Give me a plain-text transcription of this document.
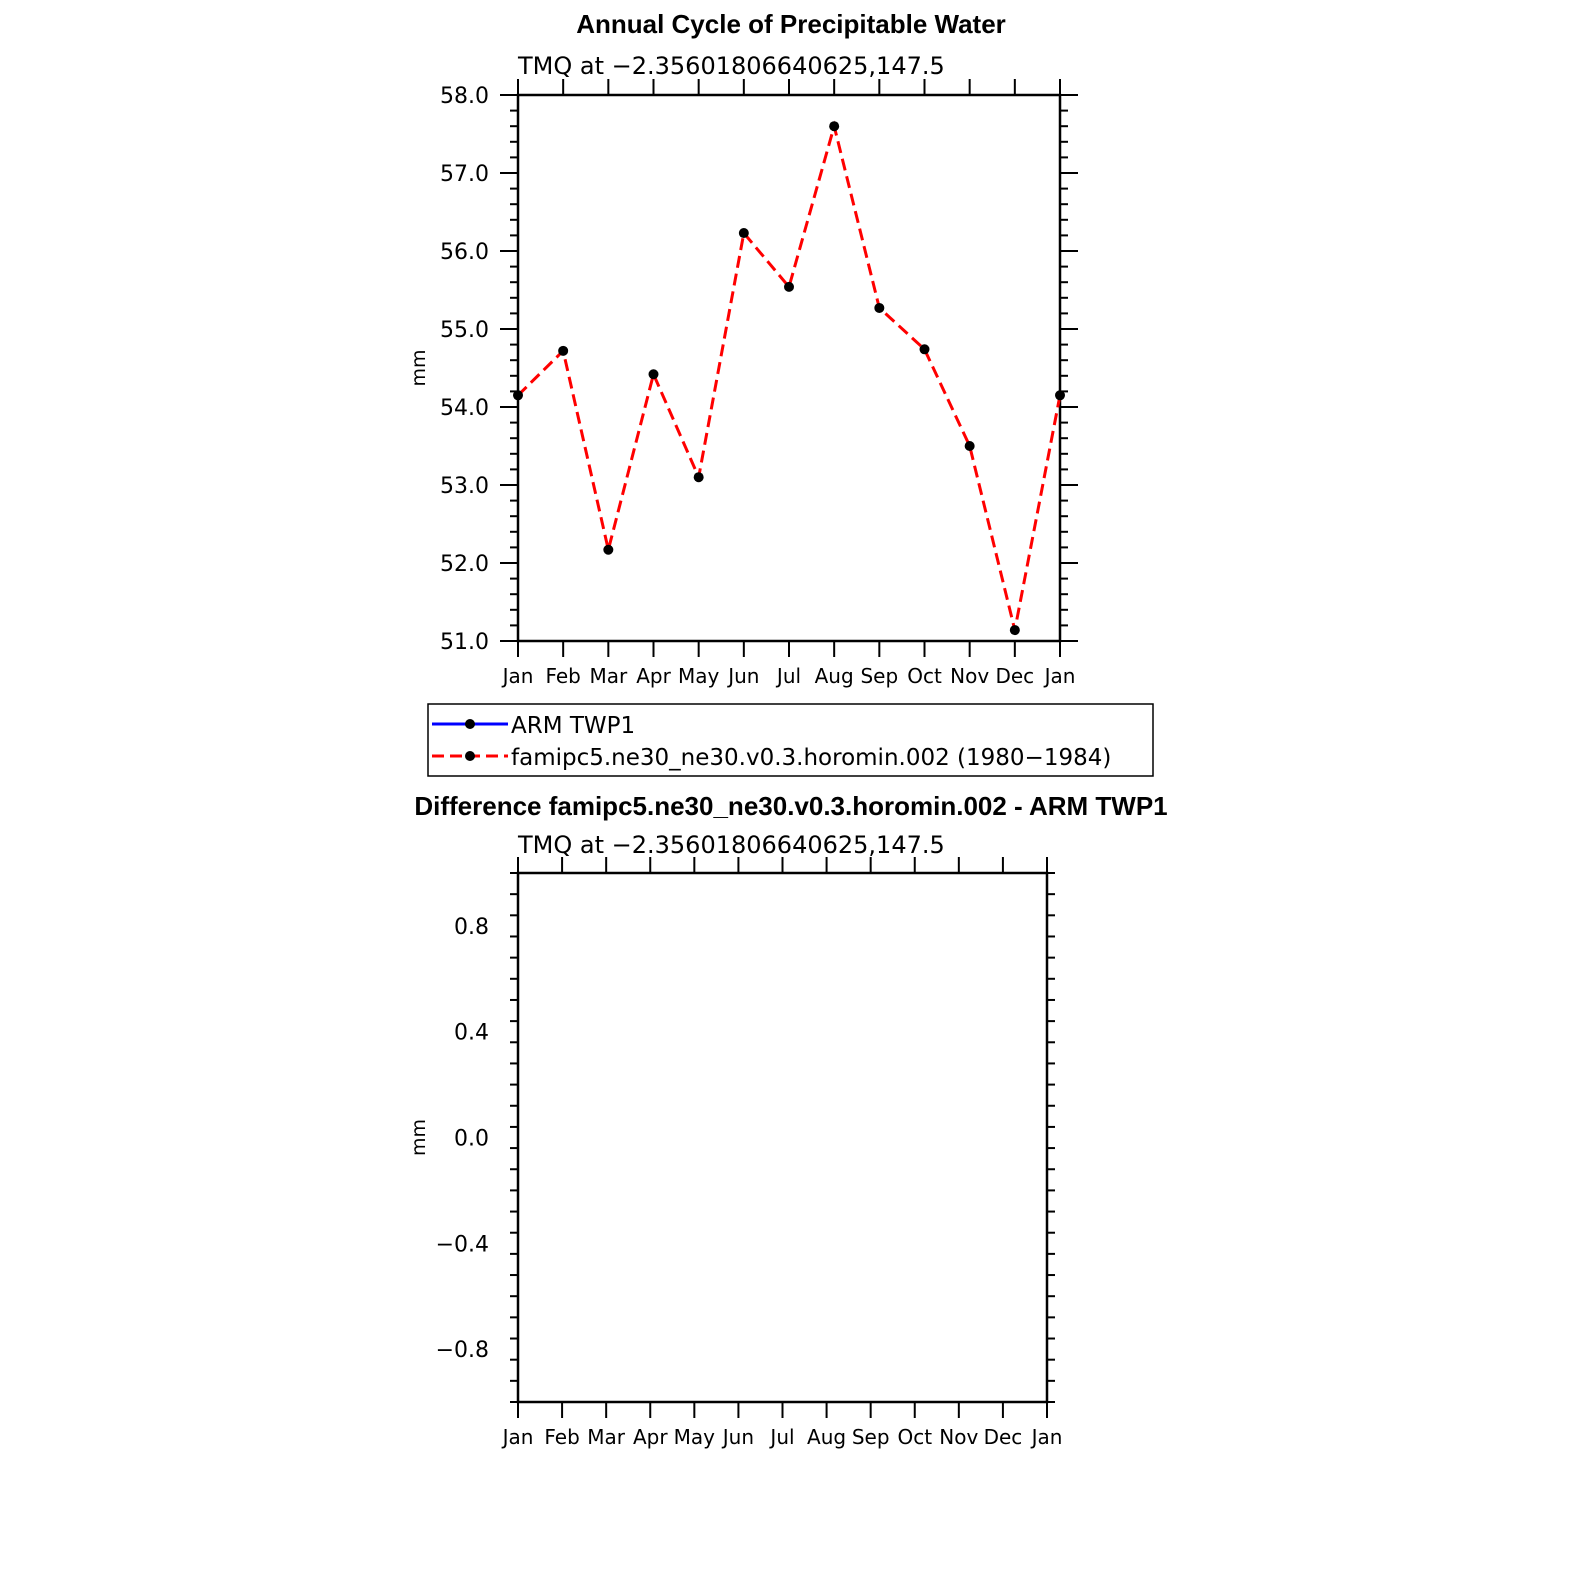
Annual Cycle of Precipitable Water
TMQ at −2.35601806640625,147.5
58.0
57.0
56.0
55.0
54.0
53.0
52.0
51.0
Jan Feb Mar Apr May Jun Jul Aug Sep Oct Nov Dec Jan
mm
ARM TWP1
famipc5.ne30_ne30.v0.3.horomin.002 (1980−1984)
Difference famipc5.ne30_ne30.v0.3.horomin.002 - ARM TWP1
TMQ at −2.35601806640625,147.5
0.8
0.4
0.0
−0.4
−0.8
Jan Feb Mar Apr May Jun Jul Aug Sep Oct Nov Dec Jan
mm
